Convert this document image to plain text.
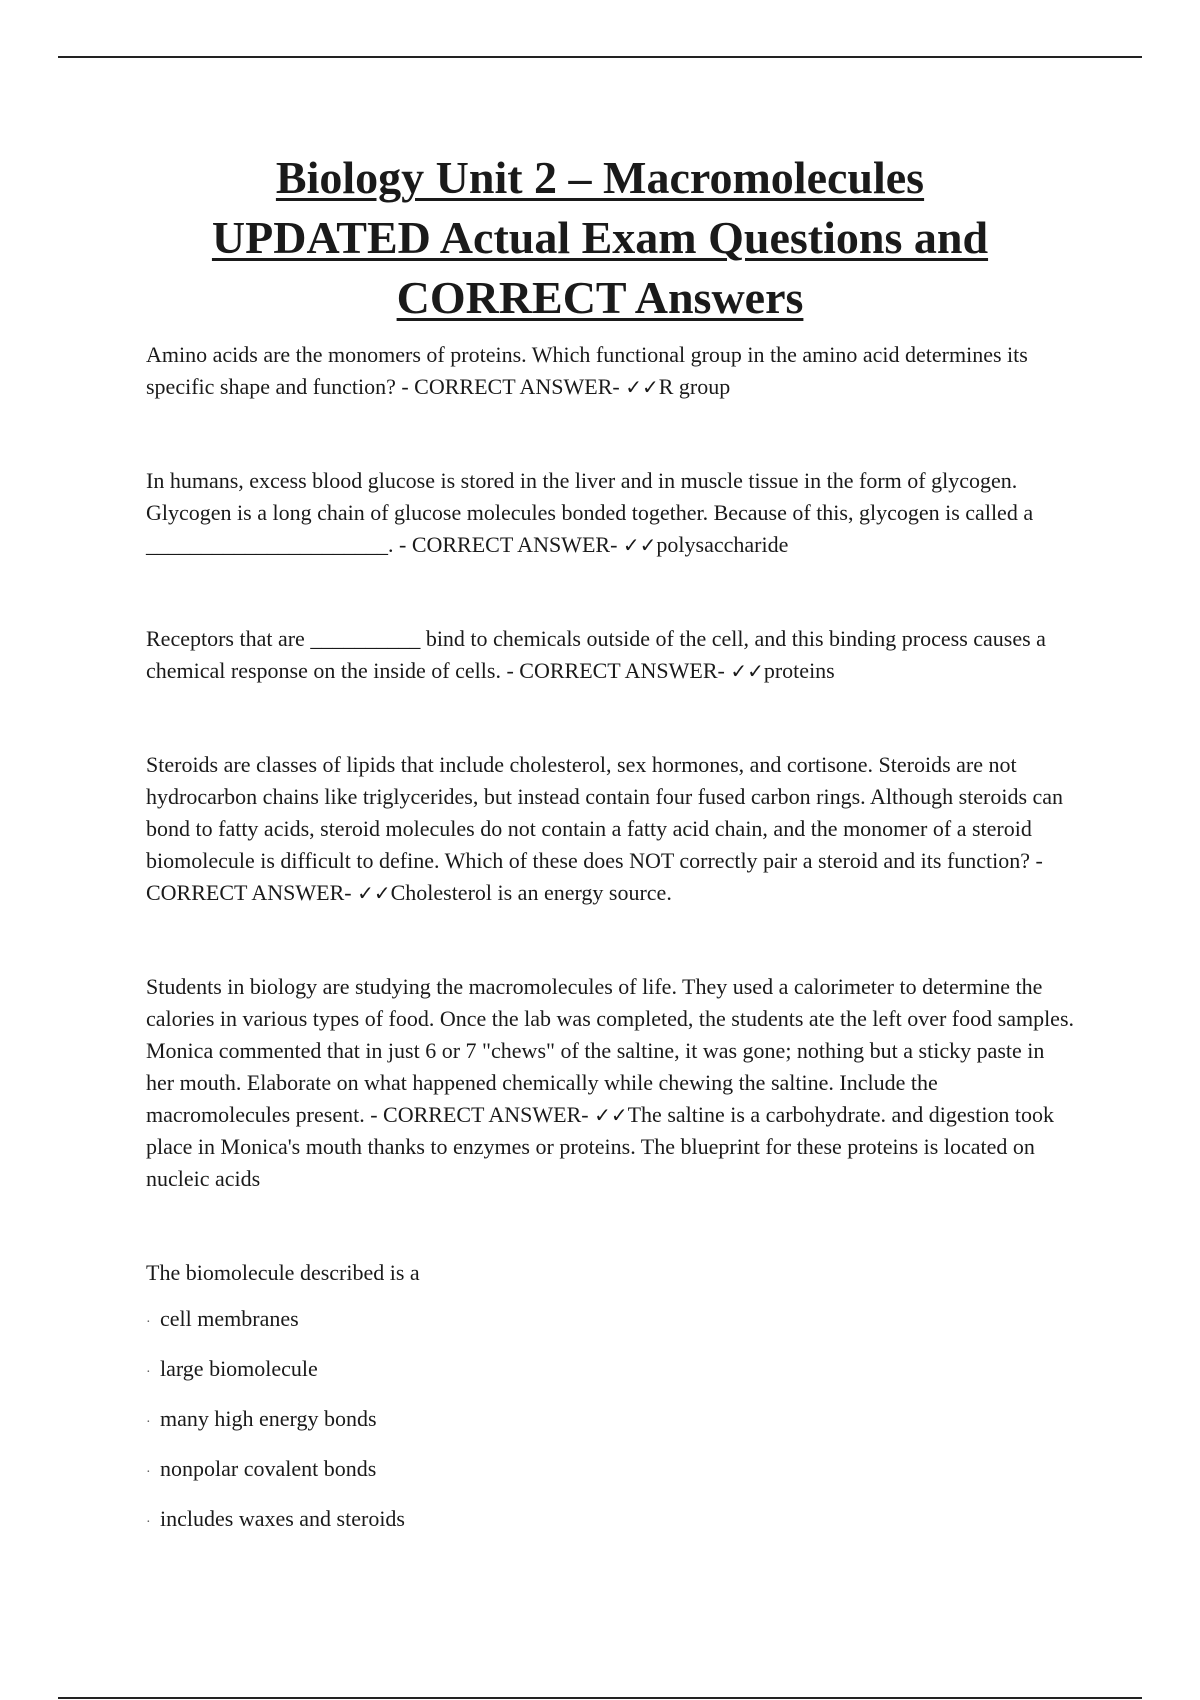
Biology Unit 2 – Macromolecules
UPDATED Actual Exam Questions and
CORRECT Answers

Amino acids are the monomers of proteins. Which functional group in the amino acid determines its specific shape and function? - CORRECT ANSWER- ✓✓R group

In humans, excess blood glucose is stored in the liver and in muscle tissue in the form of glycogen. Glycogen is a long chain of glucose molecules bonded together. Because of this, glycogen is called a ______________________. - CORRECT ANSWER- ✓✓polysaccharide

Receptors that are __________ bind to chemicals outside of the cell, and this binding process causes a chemical response on the inside of cells. - CORRECT ANSWER- ✓✓proteins

Steroids are classes of lipids that include cholesterol, sex hormones, and cortisone. Steroids are not hydrocarbon chains like triglycerides, but instead contain four fused carbon rings. Although steroids can bond to fatty acids, steroid molecules do not contain a fatty acid chain, and the monomer of a steroid biomolecule is difficult to define. Which of these does NOT correctly pair a steroid and its function? - CORRECT ANSWER- ✓✓Cholesterol is an energy source.

Students in biology are studying the macromolecules of life. They used a calorimeter to determine the calories in various types of food. Once the lab was completed, the students ate the left over food samples. Monica commented that in just 6 or 7 "chews" of the saltine, it was gone; nothing but a sticky paste in her mouth. Elaborate on what happened chemically while chewing the saltine. Include the macromolecules present. - CORRECT ANSWER- ✓✓The saltine is a carbohydrate. and digestion took place in Monica's mouth thanks to enzymes or proteins. The blueprint for these proteins is located on nucleic acids

The biomolecule described is a

· cell membranes
· large biomolecule
· many high energy bonds
· nonpolar covalent bonds
· includes waxes and steroids
